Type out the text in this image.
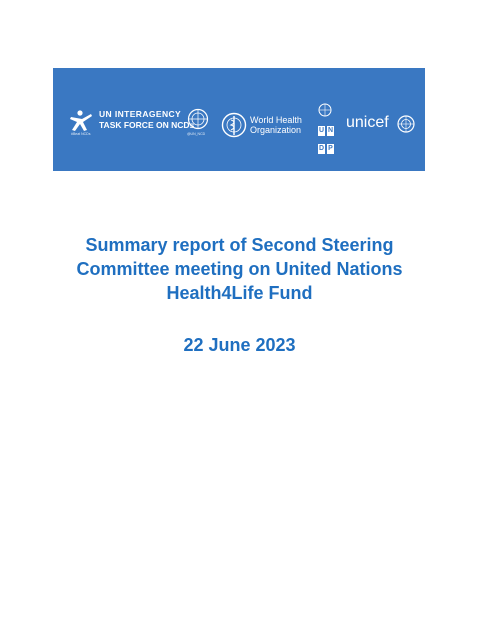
UN INTERAGENCY
TASK FORCE ON NCDs
#Beat NCDs	@UN_NCD
World Health
Organization	U N D P
unicef
Summary report of Second Steering
Committee meeting on United Nations
Health4Life Fund
22 June 2023
